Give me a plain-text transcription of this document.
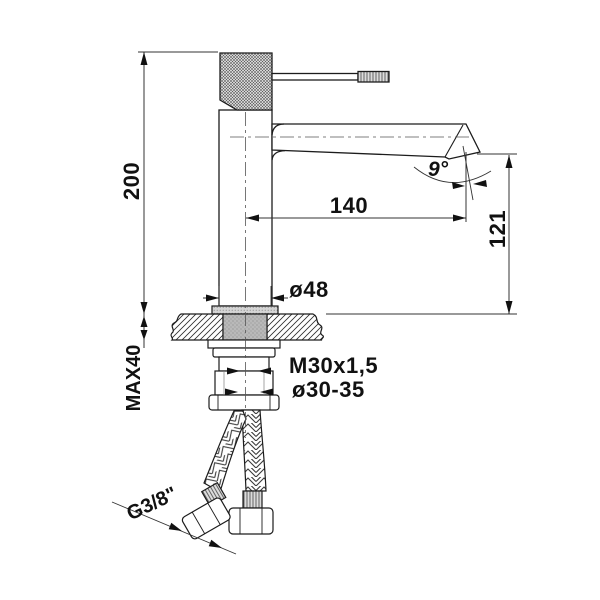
200
140
121
9°
ø48
MAX40	M30x1,5
ø30-35
G3/8"
